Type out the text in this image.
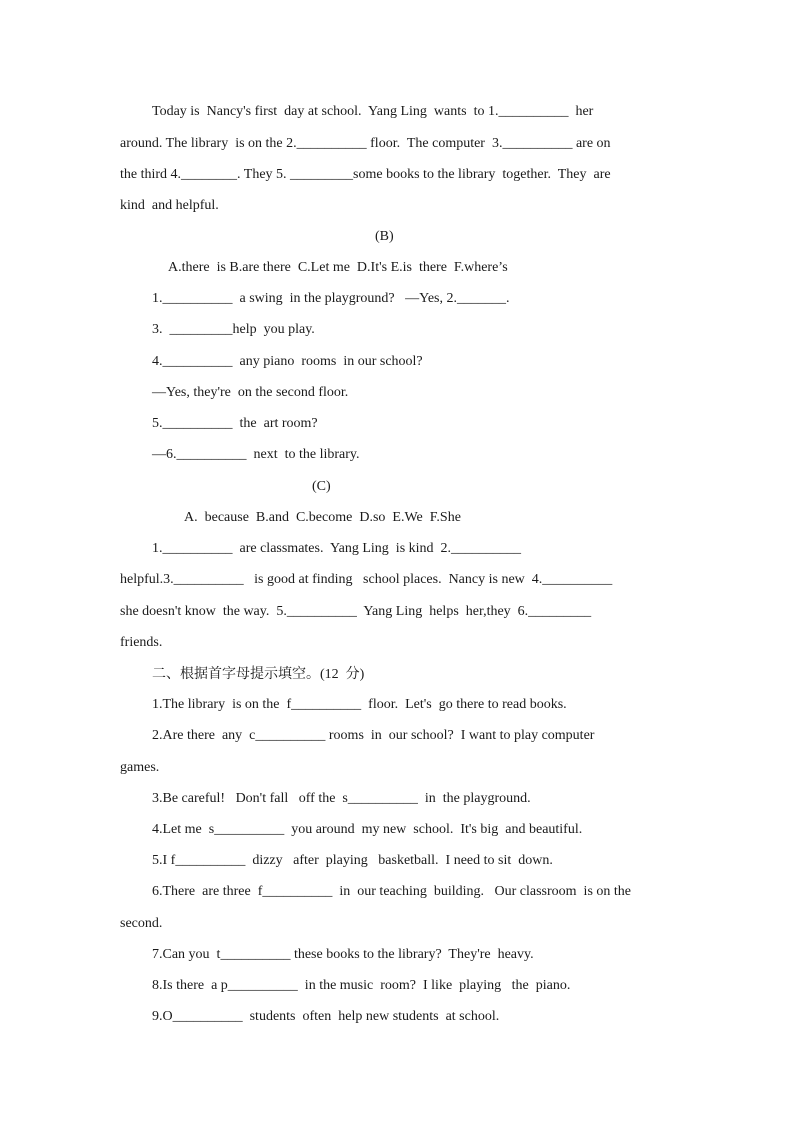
Today is  Nancy's first  day at school.  Yang Ling  wants  to 1.__________  her
around. The library  is on the 2.__________ floor.  The computer  3.__________ are on
the third 4.________. They 5. _________some books to the library  together.  They  are
kind  and helpful.
(B)
A.there  is B.are there  C.Let me  D.It's E.is  there  F.where’s
1.__________  a swing  in the playground?   —Yes, 2._______.
3.  _________help  you play.
4.__________  any piano  rooms  in our school?
—Yes, they're  on the second floor.
5.__________  the  art room?
—6.__________  next  to the library.
(C)
A.  because  B.and  C.become  D.so  E.We  F.She
1.__________  are classmates.  Yang Ling  is kind  2.__________
helpful.3.__________   is good at finding   school places.  Nancy is new  4.__________
she doesn't know  the way.  5.__________  Yang Ling  helps  her,they  6._________
friends.
二、根据首字母提示填空。(12  分)
1.The library  is on the  f__________  floor.  Let's  go there to read books.
2.Are there  any  c__________ rooms  in  our school?  I want to play computer
games.
3.Be careful!   Don't fall   off the  s__________  in  the playground.
4.Let me  s__________  you around  my new  school.  It's big  and beautiful.
5.I f__________  dizzy   after  playing   basketball.  I need to sit  down.
6.There  are three  f__________  in  our teaching  building.   Our classroom  is on the
second.
7.Can you  t__________ these books to the library?  They're  heavy.
8.Is there  a p__________  in the music  room?  I like  playing   the  piano.
9.O__________  students  often  help new students  at school.
